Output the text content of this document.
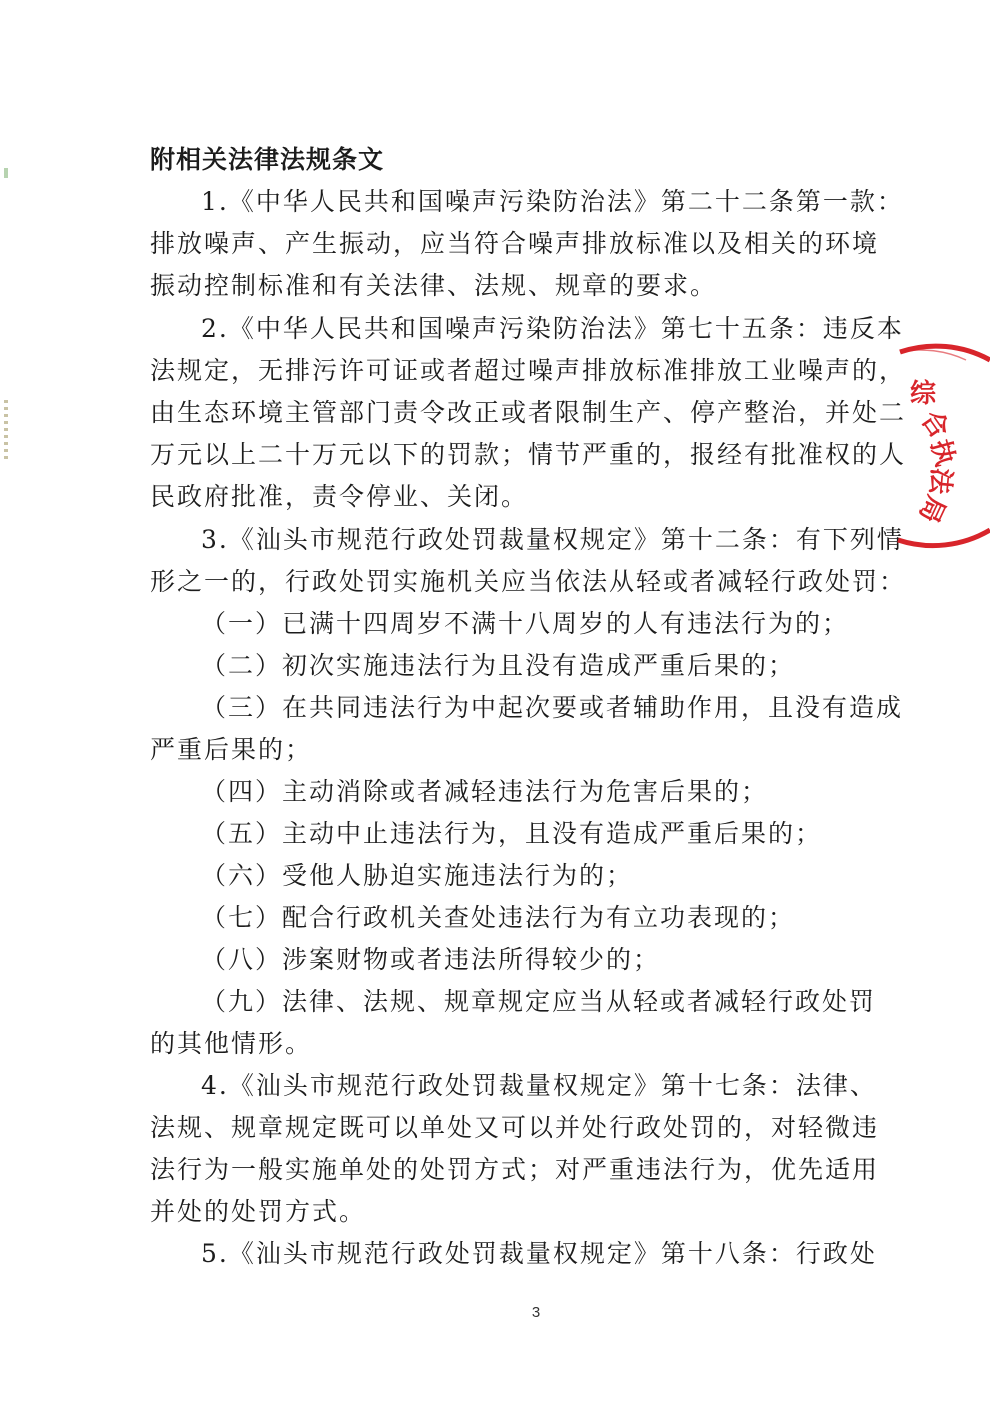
附相关法律法规条文
1.《中华人民共和国噪声污染防治法》第二十二条第一款：
排放噪声、产生振动，应当符合噪声排放标准以及相关的环境
振动控制标准和有关法律、法规、规章的要求。
2.《中华人民共和国噪声污染防治法》第七十五条：违反本
法规定，无排污许可证或者超过噪声排放标准排放工业噪声的，
由生态环境主管部门责令改正或者限制生产、停产整治，并处二
万元以上二十万元以下的罚款；情节严重的，报经有批准权的人
民政府批准，责令停业、关闭。
3.《汕头市规范行政处罚裁量权规定》第十二条：有下列情
形之一的，行政处罚实施机关应当依法从轻或者减轻行政处罚：
（一）已满十四周岁不满十八周岁的人有违法行为的；
（二）初次实施违法行为且没有造成严重后果的；
（三）在共同违法行为中起次要或者辅助作用，且没有造成
严重后果的；
（四）主动消除或者减轻违法行为危害后果的；
（五）主动中止违法行为，且没有造成严重后果的；
（六）受他人胁迫实施违法行为的；
（七）配合行政机关查处违法行为有立功表现的；
（八）涉案财物或者违法所得较少的；
（九）法律、法规、规章规定应当从轻或者减轻行政处罚
的其他情形。
4.《汕头市规范行政处罚裁量权规定》第十七条：法律、
法规、规章规定既可以单处又可以并处行政处罚的，对轻微违
法行为一般实施单处的处罚方式；对严重违法行为，优先适用
并处的处罚方式。
5.《汕头市规范行政处罚裁量权规定》第十八条：行政处
综
合
执
法
局
3
